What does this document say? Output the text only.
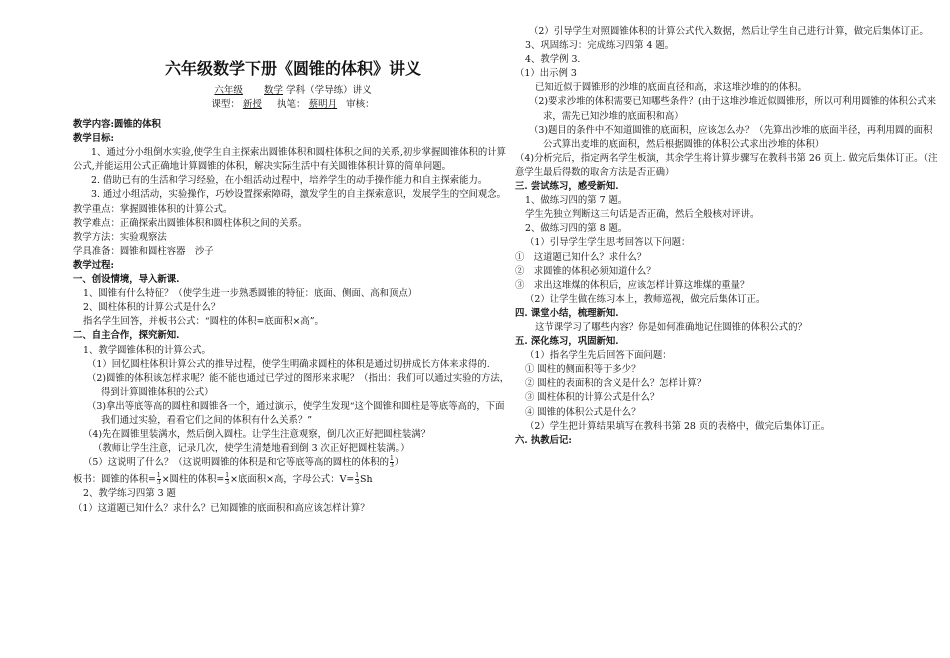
六年级数学下册《圆锥的体积》讲义

六年级 数学 学科（学导练）讲义

课型： 新授 执笔： 蔡明月 审核：

教学内容:圆锥的体积

教学目标:

1、通过分小组倒水实验,使学生自主探索出圆锥体积和圆柱体积之间的关系,初步掌握圆锥体积的计算公式,并能运用公式正确地计算圆锥的体积，解决实际生活中有关圆锥体积计算的简单问题。

2. 借助已有的生活和学习经验，在小组活动过程中，培养学生的动手操作能力和自主探索能力。

3. 通过小组活动，实验操作，巧妙设置探索障碍，激发学生的自主探索意识，发展学生的空间观念。

教学重点：掌握圆锥体积的计算公式。

教学难点：正确探索出圆锥体积和圆柱体积之间的关系。

教学方法：实验观察法

学具准备：圆锥和圆柱容器　沙子

教学过程:

一、创设情境，导入新课.

1、圆锥有什么特征？（使学生进一步熟悉圆锥的特征：底面、侧面、高和顶点）

2、圆柱体积的计算公式是什么？

指名学生回答，并板书公式：“圆柱的体积=底面积×高”。

二、自主合作，探究新知.

1、教学圆锥体积的计算公式。

（1）回忆圆柱体积计算公式的推导过程，使学生明确求圆柱的体积是通过切拼成长方体来求得的.

（2)圆锥的体积该怎样求呢？能不能也通过已学过的图形来求呢？（指出：我们可以通过实验的方法，得到计算圆锥体积的公式）

（3)拿出等底等高的圆柱和圆锥各一个，通过演示，使学生发现“这个圆锥和圆柱是等底等高的，下面我们通过实验，看看它们之间的体积有什么关系？”

（4)先在圆锥里装满水，然后倒入圆柱。让学生注意观察，倒几次正好把圆柱装满？

（教师让学生注意，记录几次，使学生清楚地看到倒 3 次正好把圆柱装满。）

（5）这说明了什么？（这说明圆锥的体积是和它等底等高的圆柱的体积的 $\frac{1}{3}$ ）

板书：圆锥的体积= $\frac{1}{3}$ ×圆柱的体积= $\frac{1}{3}$ ×底面积×高，字母公式：$V= \frac{1}{3}$ Sh

2、教学练习四第 3 题

（1）这道题已知什么？求什么？已知圆锥的底面积和高应该怎样计算？

（2）引导学生对照圆锥体积的计算公式代入数据，然后让学生自己进行计算，做完后集体订正。

3、巩固练习：完成练习四第 4 题。

4、教学例 3.

（1）出示例 3

已知近似于圆锥形的沙堆的底面直径和高，求这堆沙堆的的体积。

（2)要求沙堆的体积需要已知哪些条件？(由于这堆沙堆近似圆锥形，所以可利用圆锥的体积公式来求，需先已知沙堆的底面积和高）

（3)题目的条件中不知道圆锥的底面积，应该怎么办？（先算出沙堆的底面半径，再利用圆的面积公式算出麦堆的底面积，然后根据圆锥的体积公式求出沙堆的体积）

（4)分析完后，指定两名学生板演，其余学生将计算步骤写在教科书第 26 页上. 做完后集体订正。（注意学生最后得数的取舍方法是否正确）

三. 尝试练习，感受新知.

1、做练习四的第 7 题。

学生先独立判断这三句话是否正确，然后全般核对评讲。

2、做练习四的第 8 题。

（1）引导学生学生思考回答以下问题：

①　这道题已知什么？求什么？

②　求圆锥的体积必须知道什么？

③　求出这堆煤的体积后，应该怎样计算这堆煤的重量？

（2）让学生做在练习本上，教师巡视，做完后集体订正。

四. 课堂小结，梳理新知.

这节课学习了哪些内容？你是如何准确地记住圆锥的体积公式的？

五. 深化练习，巩固新知.

（1）指名学生先后回答下面问题：

① 圆柱的侧面积等于多少？

② 圆柱的表面积的含义是什么？怎样计算？

③ 圆柱体积的计算公式是什么？

④ 圆锥的体积公式是什么？

（2）学生把计算结果填写在教科书第 28 页的表格中，做完后集体订正。

六. 执教后记:
